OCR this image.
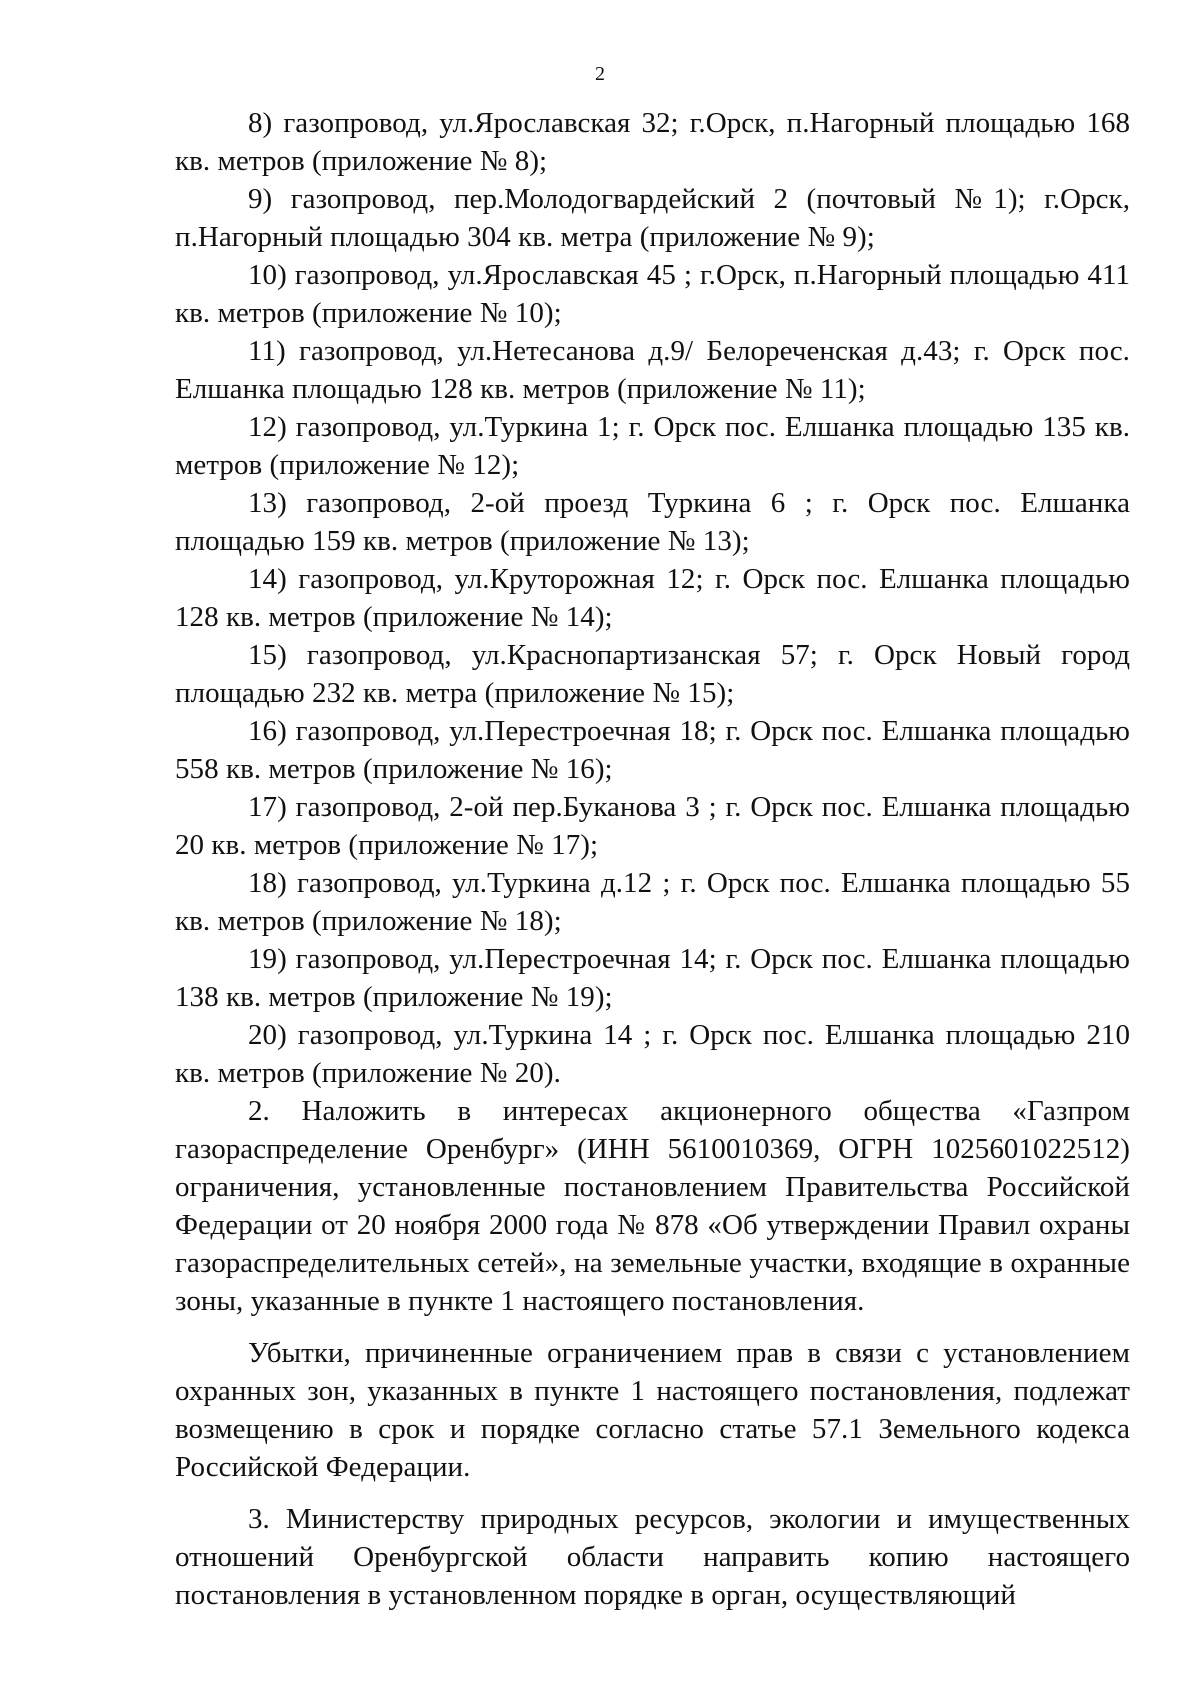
2

8) газопровод, ул.Ярославская 32; г.Орск, п.Нагорный площадью 168 кв. метров (приложение № 8);

9) газопровод, пер.Молодогвардейский 2 (почтовый №1); г.Орск, п.Нагорный площадью 304 кв. метра (приложение № 9);

10) газопровод, ул.Ярославская 45 ; г.Орск, п.Нагорный площадью 411 кв. метров (приложение № 10);

11) газопровод, ул.Нетесанова д.9/ Белореченская д.43; г. Орск пос. Елшанка площадью 128 кв. метров (приложение № 11);

12) газопровод, ул.Туркина 1; г. Орск пос. Елшанка площадью 135 кв. метров (приложение № 12);

13) газопровод, 2-ой проезд Туркина 6 ; г. Орск пос. Елшанка площадью 159 кв. метров (приложение № 13);

14) газопровод, ул.Круторожная 12; г. Орск пос. Елшанка площадью 128 кв. метров (приложение № 14);

15) газопровод, ул.Краснопартизанская 57; г. Орск Новый город площадью 232 кв. метра (приложение № 15);

16) газопровод, ул.Перестроечная 18; г. Орск пос. Елшанка площадью 558 кв. метров (приложение № 16);

17) газопровод, 2-ой пер.Буканова 3 ; г. Орск пос. Елшанка площадью 20 кв. метров (приложение № 17);

18) газопровод, ул.Туркина д.12 ; г. Орск пос. Елшанка площадью 55 кв. метров (приложение № 18);

19) газопровод, ул.Перестроечная 14; г. Орск пос. Елшанка площадью 138 кв. метров (приложение № 19);

20) газопровод, ул.Туркина 14 ; г. Орск пос. Елшанка площадью 210 кв. метров (приложение № 20).

2. Наложить в интересах акционерного общества «Газпром газораспределение Оренбург» (ИНН 5610010369, ОГРН 1025601022512) ограничения, установленные постановлением Правительства Российской Федерации от 20 ноября 2000 года № 878 «Об утверждении Правил охраны газораспределительных сетей», на земельные участки, входящие в охранные зоны, указанные в пункте 1 настоящего постановления.

Убытки, причиненные ограничением прав в связи с установлением охранных зон, указанных в пункте 1 настоящего постановления, подлежат возмещению в срок и порядке согласно статье 57.1 Земельного кодекса Российской Федерации.

3. Министерству природных ресурсов, экологии и имущественных отношений Оренбургской области направить копию настоящего постановления в установленном порядке в орган, осуществляющий
